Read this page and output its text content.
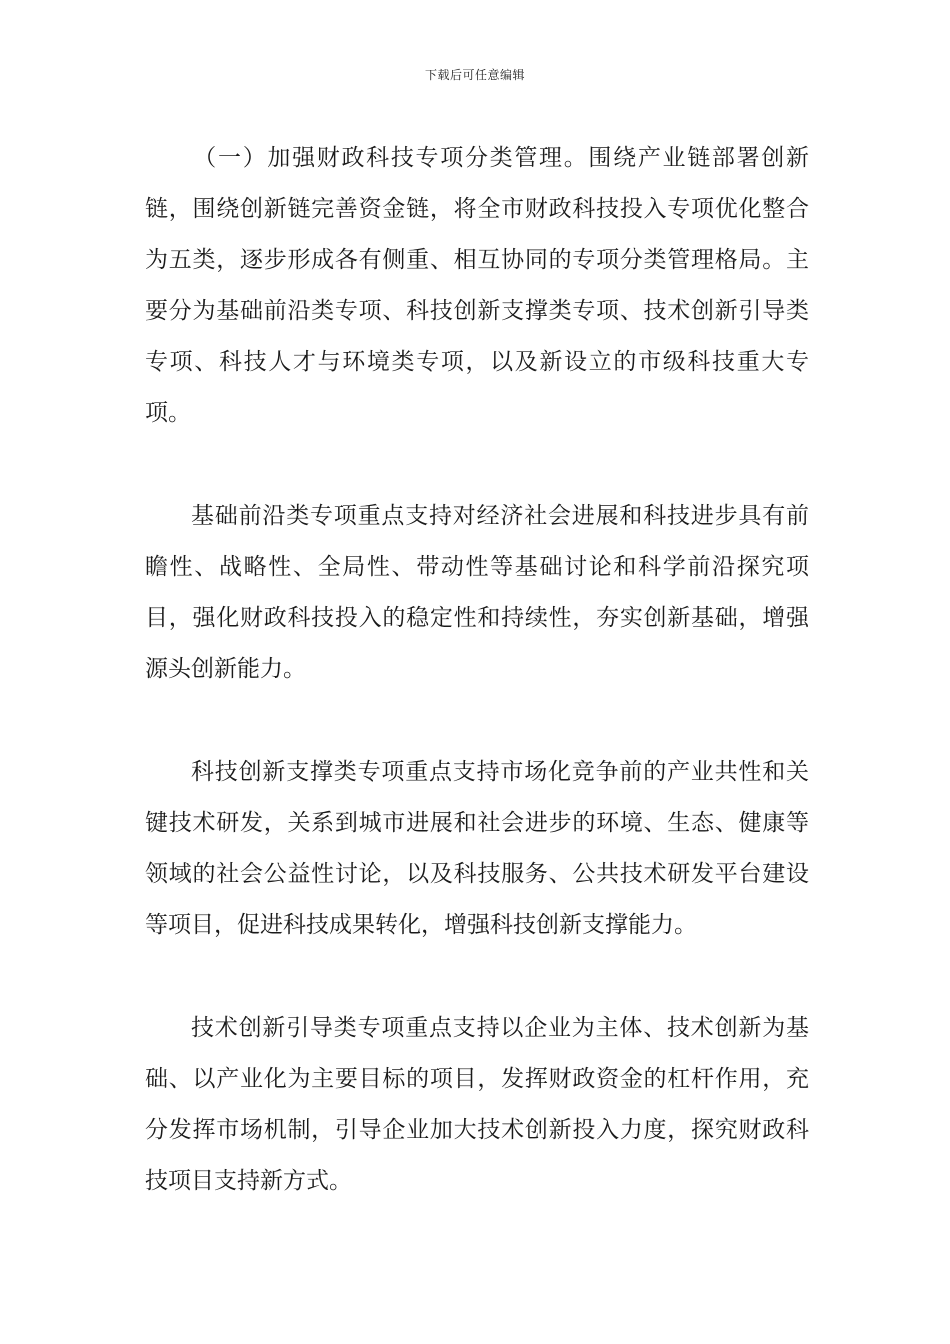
下载后可任意编辑

（一）加强财政科技专项分类管理。围绕产业链部署创新链，围绕创新链完善资金链，将全市财政科技投入专项优化整合为五类，逐步形成各有侧重、相互协同的专项分类管理格局。主要分为基础前沿类专项、科技创新支撑类专项、技术创新引导类专项、科技人才与环境类专项，以及新设立的市级科技重大专项。

基础前沿类专项重点支持对经济社会进展和科技进步具有前瞻性、战略性、全局性、带动性等基础讨论和科学前沿探究项目，强化财政科技投入的稳定性和持续性，夯实创新基础，增强源头创新能力。

科技创新支撑类专项重点支持市场化竞争前的产业共性和关键技术研发，关系到城市进展和社会进步的环境、生态、健康等领域的社会公益性讨论，以及科技服务、公共技术研发平台建设等项目，促进科技成果转化，增强科技创新支撑能力。

技术创新引导类专项重点支持以企业为主体、技术创新为基础、以产业化为主要目标的项目，发挥财政资金的杠杆作用，充分发挥市场机制，引导企业加大技术创新投入力度，探究财政科技项目支持新方式。
